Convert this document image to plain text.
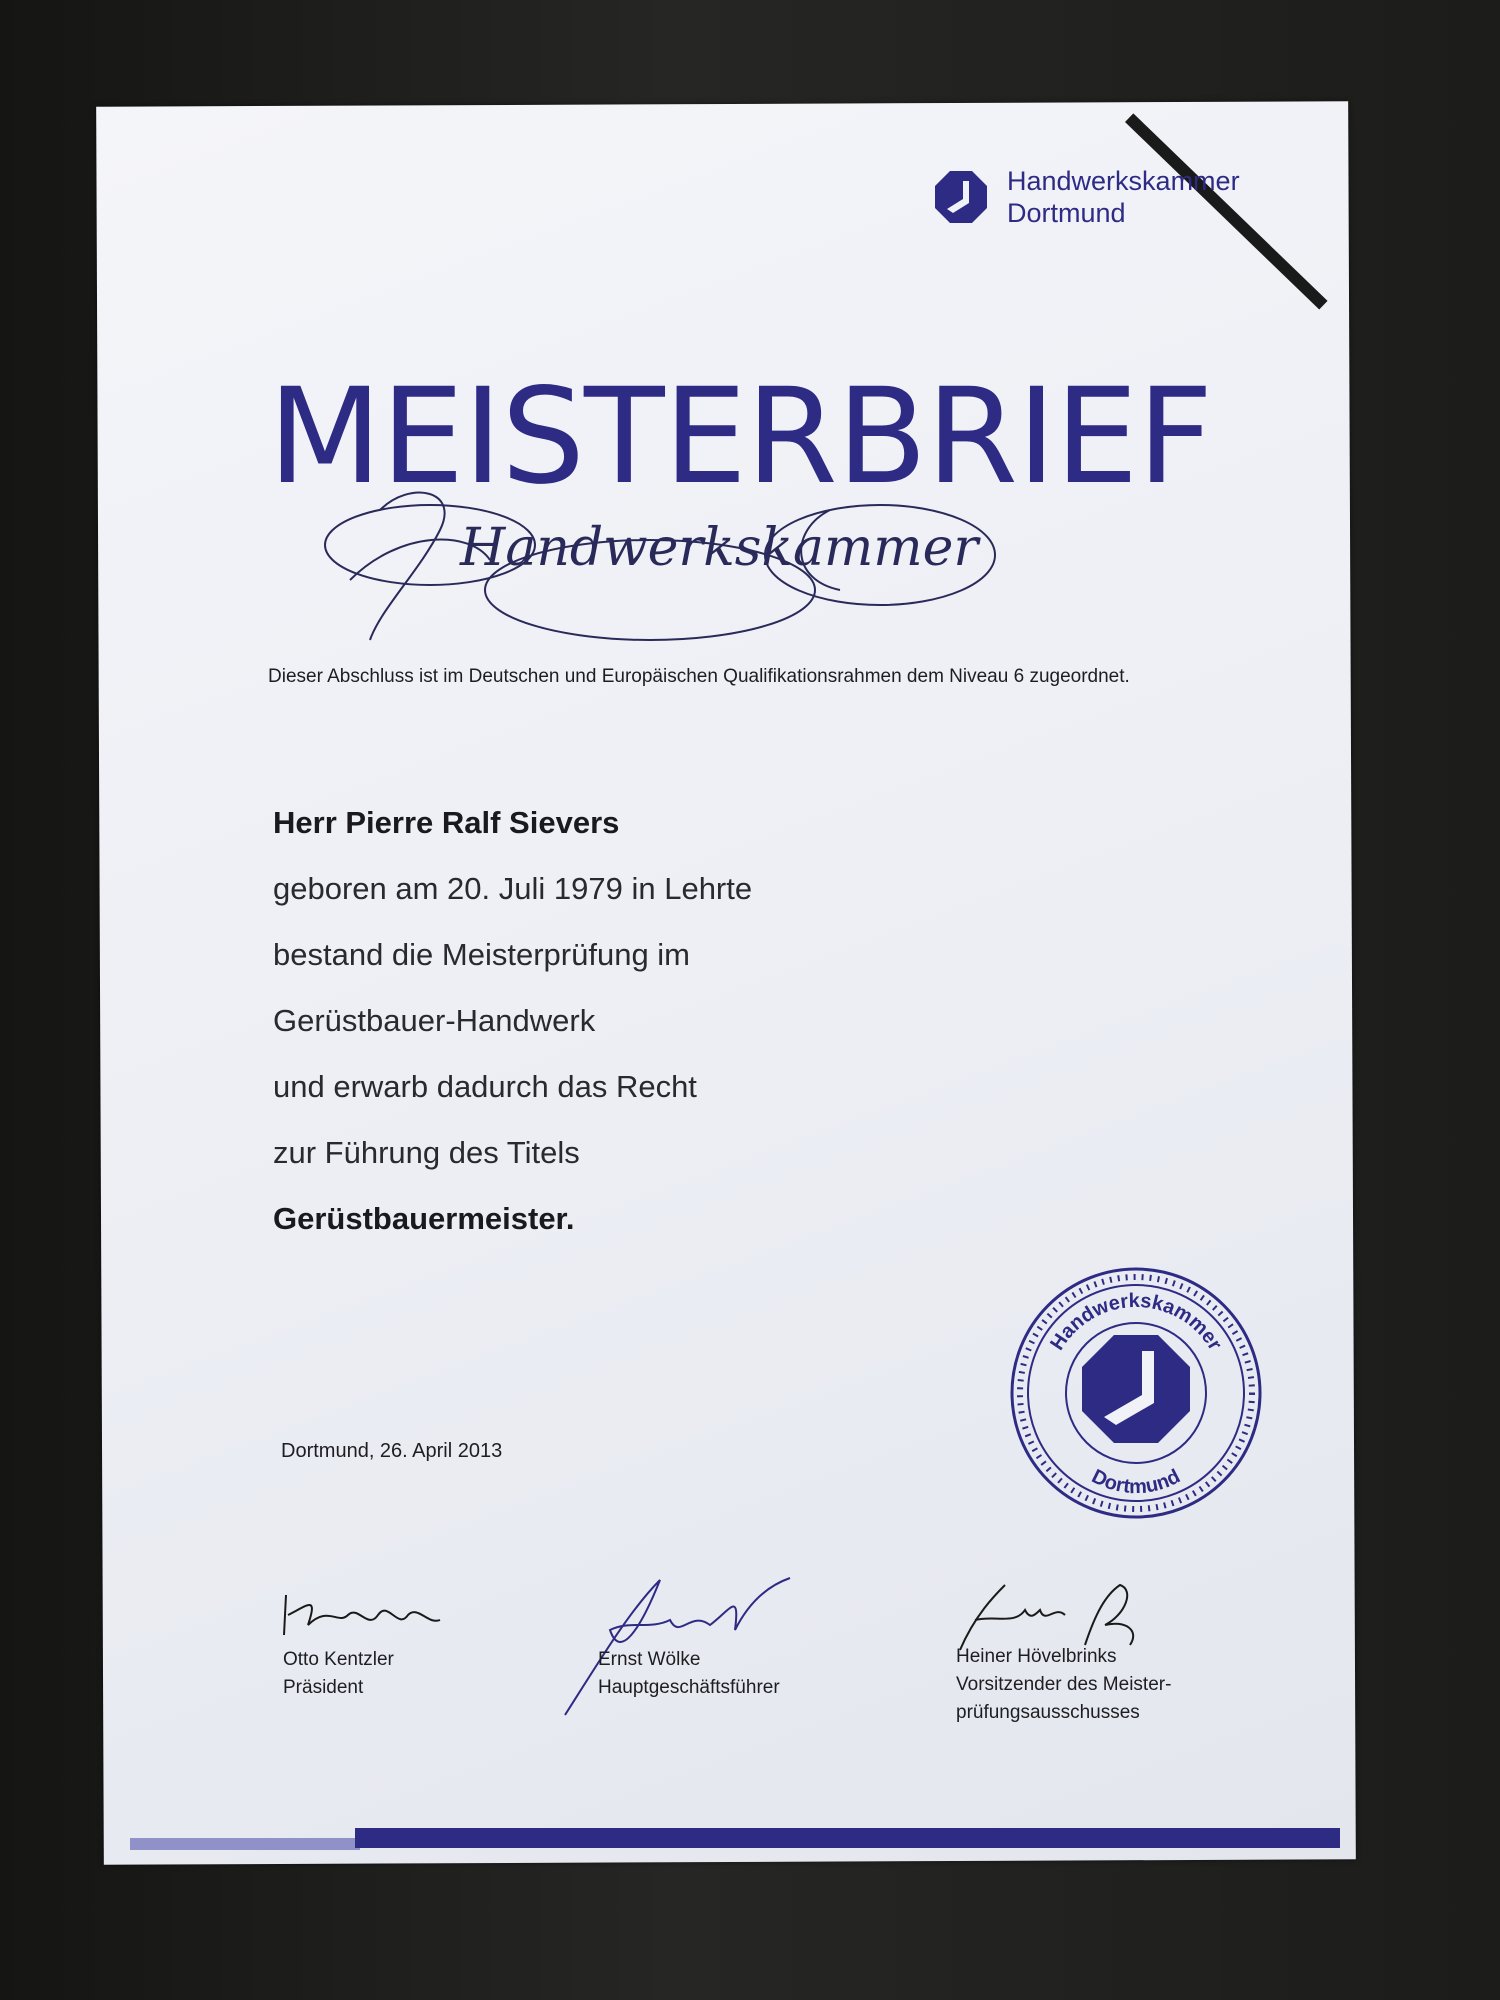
Handwerkskammer
Dortmund
MEISTERBRIEF
Handwerkskammer
Dieser Abschluss ist im Deutschen und Europäischen Qualifikationsrahmen dem Niveau 6 zugeordnet.
Herr Pierre Ralf Sievers
geboren am 20. Juli 1979 in Lehrte
bestand die Meisterprüfung im
Gerüstbauer-Handwerk
und erwarb dadurch das Recht
zur Führung des Titels
Gerüstbauermeister.
Dortmund, 26. April 2013
Handwerkskammer
Dortmund
Otto Kentzler
Präsident
Ernst Wölke
Hauptgeschäftsführer
Heiner Hövelbrinks
Vorsitzender des Meister-
prüfungsausschusses
